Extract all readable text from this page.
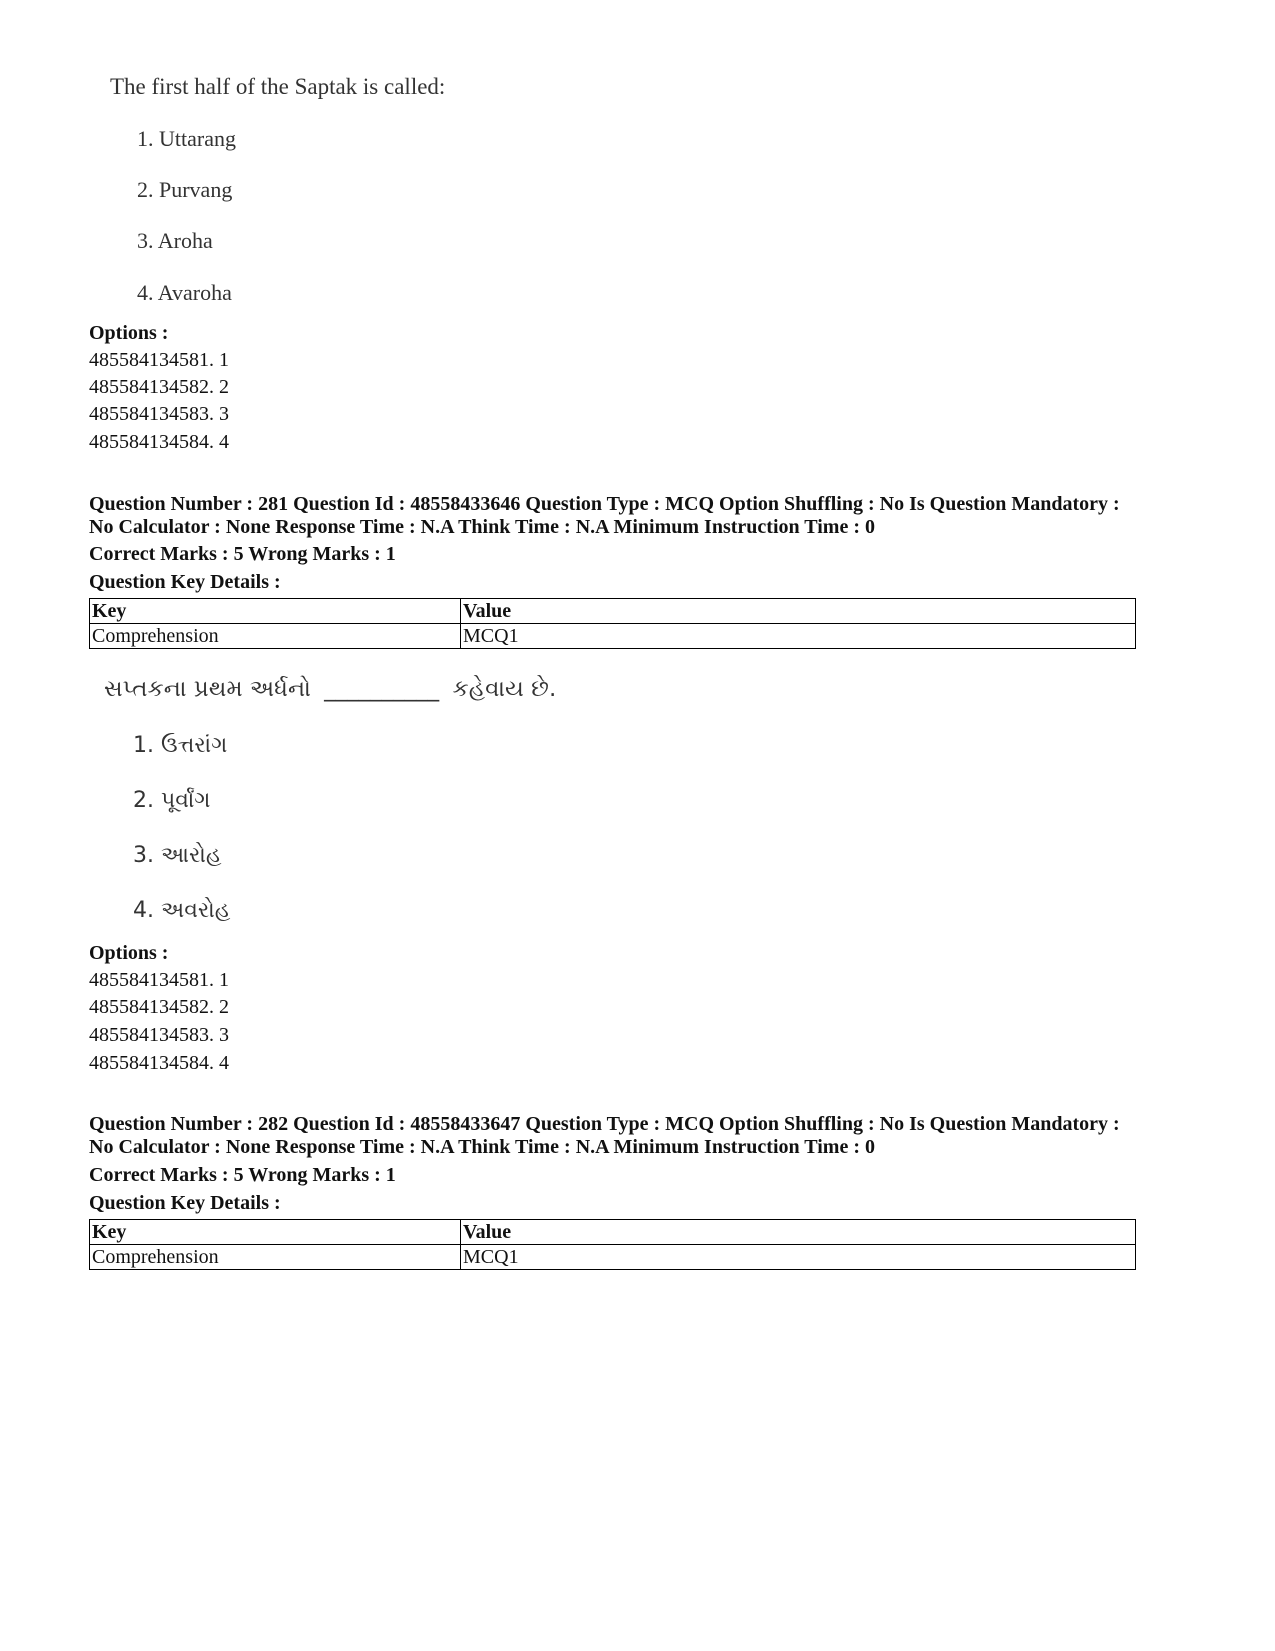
The first half of the Saptak is called:
1. Uttarang
2. Purvang
3. Aroha
4. Avaroha
Options :
485584134581. 1
485584134582. 2
485584134583. 3
485584134584. 4
Question Number : 281 Question Id : 48558433646 Question Type : MCQ Option Shuffling : No Is Question Mandatory :
No Calculator : None Response Time : N.A Think Time : N.A Minimum Instruction Time : 0
Correct Marks : 5 Wrong Marks : 1
Question Key Details :
Key	Value
Comprehension	MCQ1
સપ્તકના પ્રથમ અર્ધનો __________ કહેવાય છે.
1. ઉત્તરાંગ
2. પૂર્વાંગ
3. આરોહ
4. અવરોહ
Options :
485584134581. 1
485584134582. 2
485584134583. 3
485584134584. 4
Question Number : 282 Question Id : 48558433647 Question Type : MCQ Option Shuffling : No Is Question Mandatory :
No Calculator : None Response Time : N.A Think Time : N.A Minimum Instruction Time : 0
Correct Marks : 5 Wrong Marks : 1
Question Key Details :
Key	Value
Comprehension	MCQ1
